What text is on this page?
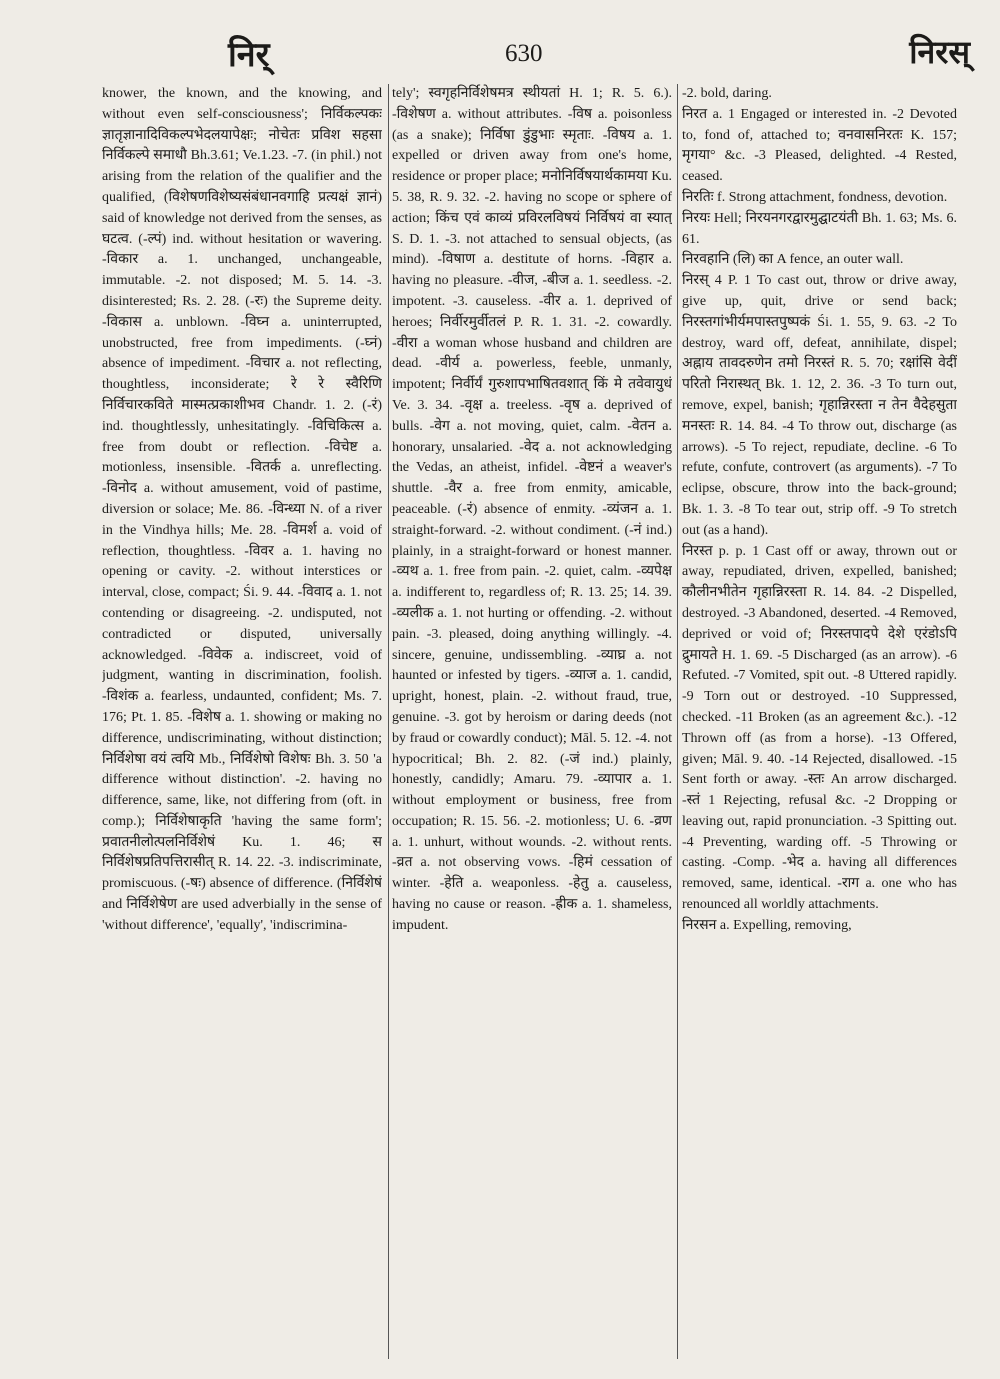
निर्	630	निरस्

knower, the known, and the knowing, and without even self-consciousness'; निर्विकल्पकः ज्ञातृज्ञानादिविकल्पभेदलयापेक्षः; नोचेतः प्रविश सहसा निर्विकल्पे समाधौ Bh.3.61; Ve.1.23. -7. (in phil.) not arising from the relation of the qualifier and the qualified, (विशेषणविशेष्यसंबंधानवगाहि प्रत्यक्षं ज्ञानं) said of knowledge not derived from the senses, as घटत्व. (-ल्पं) ind. without hesitation or wavering. -विकार a. 1. unchanged, unchangeable, immutable. -2. not disposed; M. 5. 14. -3. disinterested; Rs. 2. 28. (-रः) the Supreme deity. -विकास a. unblown. -विघ्न a. uninterrupted, unobstructed, free from impediments. (-घ्नं) absence of impediment. -विचार a. not reflecting, thoughtless, inconsiderate; रे रे स्वैरिणि निर्विचारकविते मास्मत्प्रकाशीभव Chandr. 1. 2. (-रं) ind. thoughtlessly, unhesitatingly. -विचिकित्स a. free from doubt or reflection. -विचेष्ट a. motionless, insensible. -वितर्क a. unreflecting. -विनोद a. without amusement, void of pastime, diversion or solace; Me. 86. -विन्ध्या N. of a river in the Vindhya hills; Me. 28. -विमर्श a. void of reflection, thoughtless. -विवर a. 1. having no opening or cavity. -2. without interstices or interval, close, compact; Śi. 9. 44. -विवाद a. 1. not contending or disagreeing. -2. undisputed, not contradicted or disputed, universally acknowledged. -विवेक a. indiscreet, void of judgment, wanting in discrimination, foolish. -विशंक a. fearless, undaunted, confident; Ms. 7. 176; Pt. 1. 85. -विशेष a. 1. showing or making no difference, undiscriminating, without distinction; निर्विशेषा वयं त्वयि Mb., निर्विशेषो विशेषः Bh. 3. 50 'a difference without distinction'. -2. having no difference, same, like, not differing from (oft. in comp.); निर्विशेषाकृति 'having the same form'; प्रवातनीलोत्पलनिर्विशेषं Ku. 1. 46; स निर्विशेषप्रतिपत्तिरासीत् R. 14. 22. -3. indiscriminate, promiscuous. (-षः) absence of difference. (निर्विशेषं and निर्विशेषेण are used adverbially in the sense of 'without difference', 'equally', 'indiscrimina-

tely'; स्वगृहनिर्विशेषमत्र स्थीयतां H. 1; R. 5. 6.). -विशेषण a. without attributes. -विष a. poisonless (as a snake); निर्विषा डुंडुभाः स्मृताः. -विषय a. 1. expelled or driven away from one's home, residence or proper place; मनोनिर्विषयार्थकामया Ku. 5. 38, R. 9. 32. -2. having no scope or sphere of action; किंच एवं काव्यं प्रविरलविषयं निर्विषयं वा स्यात् S. D. 1. -3. not attached to sensual objects, (as mind). -विषाण a. destitute of horns. -विहार a. having no pleasure. -वीज, -बीज a. 1. seedless. -2. impotent. -3. causeless. -वीर a. 1. deprived of heroes; निर्वीरमुर्वीतलं P. R. 1. 31. -2. cowardly. -वीरा a woman whose husband and children are dead. -वीर्य a. powerless, feeble, unmanly, impotent; निर्वीर्यं गुरुशापभाषितवशात् किं मे तवेवायुधं Ve. 3. 34. -वृक्ष a. treeless. -वृष a. deprived of bulls. -वेग a. not moving, quiet, calm. -वेतन a. honorary, unsalaried. -वेद a. not acknowledging the Vedas, an atheist, infidel. -वेष्टनं a weaver's shuttle. -वैर a. free from enmity, amicable, peaceable. (-रं) absence of enmity. -व्यंजन a. 1. straight-forward. -2. without condiment. (-नं ind.) plainly, in a straight-forward or honest manner. -व्यथ a. 1. free from pain. -2. quiet, calm. -व्यपेक्ष a. indifferent to, regardless of; R. 13. 25; 14. 39. -व्यलीक a. 1. not hurting or offending. -2. without pain. -3. pleased, doing anything willingly. -4. sincere, genuine, undissembling. -व्याघ्र a. not haunted or infested by tigers. -व्याज a. 1. candid, upright, honest, plain. -2. without fraud, true, genuine. -3. got by heroism or daring deeds (not by fraud or cowardly conduct); Māl. 5. 12. -4. not hypocritical; Bh. 2. 82. (-जं ind.) plainly, honestly, candidly; Amaru. 79. -व्यापार a. 1. without employment or business, free from occupation; R. 15. 56. -2. motionless; U. 6. -व्रण a. 1. unhurt, without wounds. -2. without rents. -व्रत a. not observing vows. -हिमं cessation of winter. -हेति a. weaponless. -हेतु a. causeless, having no cause or reason. -ह्रीक a. 1. shameless, impudent.

-2. bold, daring.

निरत a. 1 Engaged or interested in. -2 Devoted to, fond of, attached to; वनवासनिरतः K. 157; मृगया° &c. -3 Pleased, delighted. -4 Rested, ceased.

निरतिः f. Strong attachment, fondness, devotion.

निरयः Hell; निरयनगरद्वारमुद्घाटयंती Bh. 1. 63; Ms. 6. 61.

निरवहानि (लि) का A fence, an outer wall.

निरस् 4 P. 1 To cast out, throw or drive away, give up, quit, drive or send back; निरस्तगांभीर्यमपास्तपुष्पकं Śi. 1. 55, 9. 63. -2 To destroy, ward off, defeat, annihilate, dispel; अह्नाय तावदरुणेन तमो निरस्तं R. 5. 70; रक्षांसि वेदीं परितो निरास्थत् Bk. 1. 12, 2. 36. -3 To turn out, remove, expel, banish; गृहान्निरस्ता न तेन वैदेहसुता मनस्तः R. 14. 84. -4 To throw out, discharge (as arrows). -5 To reject, repudiate, decline. -6 To refute, confute, controvert (as arguments). -7 To eclipse, obscure, throw into the back-ground; Bk. 1. 3. -8 To tear out, strip off. -9 To stretch out (as a hand).

निरस्त p. p. 1 Cast off or away, thrown out or away, repudiated, driven, expelled, banished; कौलीनभीतेन गृहान्निरस्ता R. 14. 84. -2 Dispelled, destroyed. -3 Abandoned, deserted. -4 Removed, deprived or void of; निरस्तपादपे देशे एरंडोऽपि द्रुमायते H. 1. 69. -5 Discharged (as an arrow). -6 Refuted. -7 Vomited, spit out. -8 Uttered rapidly. -9 Torn out or destroyed. -10 Suppressed, checked. -11 Broken (as an agreement &c.). -12 Thrown off (as from a horse). -13 Offered, given; Māl. 9. 40. -14 Rejected, disallowed. -15 Sent forth or away. -स्तः An arrow discharged. -स्तं 1 Rejecting, refusal &c. -2 Dropping or leaving out, rapid pronunciation. -3 Spitting out. -4 Preventing, warding off. -5 Throwing or casting. -Comp. -भेद a. having all differences removed, same, identical. -राग a. one who has renounced all worldly attachments.

निरसन a. Expelling, removing,
